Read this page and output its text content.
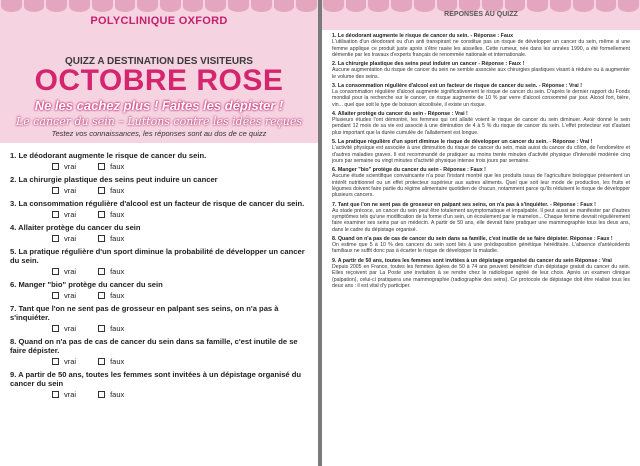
POLYCLINIQUE OXFORD
QUIZZ A DESTINATION DES VISITEURS
OCTOBRE ROSE
Ne les cachez plus ! Faites les dépister !
Le cancer du sein – Luttons contre les idées reçues
Testez vos connaissances, les réponses sont au dos de ce quizz
1. Le déodorant augmente le risque de cancer du sein.
vrai	faux
2. La chirurgie plastique des seins peut induire un cancer
vrai	faux
3. La consommation régulière d'alcool est un facteur de risque de cancer du sein.
vrai	faux
4. Allaiter protège du cancer du sein
vrai	faux
5. La pratique régulière d'un sport diminue la probabilité de développer un cancer du sein.
vrai	faux
6. Manger "bio" protège du cancer du sein
vrai	faux
7. Tant que l'on ne sent pas de grosseur en palpant ses seins, on n'a pas à s'inquiéter.
vrai	faux
8. Quand on n'a pas de cas de cancer du sein dans sa famille, c'est inutile de se faire dépister.
vrai	faux
9. A partir de 50 ans, toutes les femmes sont invitées à un dépistage organisé du cancer du sein
vrai	faux
REPONSES AU QUIZZ
1. Le déodorant augmente le risque de cancer du sein. - Réponse : Faux
L'utilisation d'un déodorant ou d'un anti transpirant ne constitue pas un risque de développer un cancer du sein, même si une femme applique ce produit juste après s'être rasée les aisselles. Cette rumeur, née dans les années 1990, a été formellement démentie par les travaux d'experts français de renommée nationale et internationale.
2. La chirurgie plastique des seins peut induire un cancer - Réponse : Faux !
Aucune augmentation du risque de cancer du sein ne semble associée aux chirurgies plastiques visant à réduire ou à augmenter le volume des seins.
3. La consommation régulière d'alcool est un facteur de risque de cancer du sein. - Réponse : Vrai !
La consommation régulière d'alcool augmente significativement le risque de cancer du sein. D'après le dernier rapport du Fonds mondial pour la recherche sur le cancer, ce risque augmente de 10 % par verre d'alcool consommé par jour. Alcool fort, bière, vin... quel que soit le type de boisson alcoolisée, il existe un risque.
4. Allaiter protège du cancer du sein - Réponse : Vrai !
Plusieurs études l'ont démontré, les femmes qui ont allaité voient le risque de cancer du sein diminuer. Avoir donné le sein pendant 12 mois de sa vie est associé à une diminution de 4 à 5 % du risque de cancer du sein. L'effet protecteur est d'autant plus important que la durée cumulée de l'allaitement est longue.
5. La pratique régulière d'un sport diminue le risque de développer un cancer du sein. - Réponse : Vrai !
L'activité physique est associée à une diminution du risque de cancer du sein, mais aussi du cancer du côlon, de l'endomètre et d'autres maladies graves. Il est recommandé de pratiquer au moins trente minutes d'activité physique d'intensité modérée cinq jours par semaine ou vingt minutes d'activité physique intense trois jours par semaine.
6. Manger "bio" protège du cancer du sein - Réponse : Faux !
Aucune étude scientifique convaincante n'a pour l'instant montré que les produits issus de l'agriculture biologique présentent un intérêt nutritionnel ou un effet protecteur supérieur aux autres aliments. Quel que soit leur mode de production, les fruits et légumes doivent faire partie du régime alimentaire quotidien de chacun, notamment parce qu'ils réduisent le risque de développer plusieurs cancers.
7. Tant que l'on ne sent pas de grosseur en palpant ses seins, on n'a pas à s'inquiéter. - Réponse : Faux !
Au stade précoce, un cancer du sein peut être totalement asymptomatique et impalpable. Il peut aussi se manifester par d'autres symptômes tels qu'une modification de la forme d'un sein, un écoulement par le mamelon... Chaque femme devrait régulièrement faire examiner ses seins par un médecin. A partir de 50 ans, elle devrait faire pratiquer une mammographie tous les deux ans, dans le cadre du dépistage organisé.
8. Quand on n'a pas de cas de cancer du sein dans sa famille, c'est inutile de se faire dépister. Réponse : Faux !
On estime que 5 à 10 % des cancers du sein sont liés à une prédisposition génétique héréditaire. L'absence d'antécédents familiaux ne suffit donc pas à écarter le risque de développer la maladie.
9. A partir de 50 ans, toutes les femmes sont invitées à un dépistage organisé du cancer du sein Réponse : Vrai
Depuis 2005 en France, toutes les femmes âgées de 50 à 74 ans peuvent bénéficier d'un dépistage gratuit du cancer du sein. Elles reçoivent par La Poste une invitation à se rendre chez le radiologue agréé de leur choix. Après un examen clinique (palpation), celui-ci pratiquera une mammographie (radiographie des seins). Ce protocole de dépistage doit être réalisé tous les deux ans : il est vital d'y participer.
